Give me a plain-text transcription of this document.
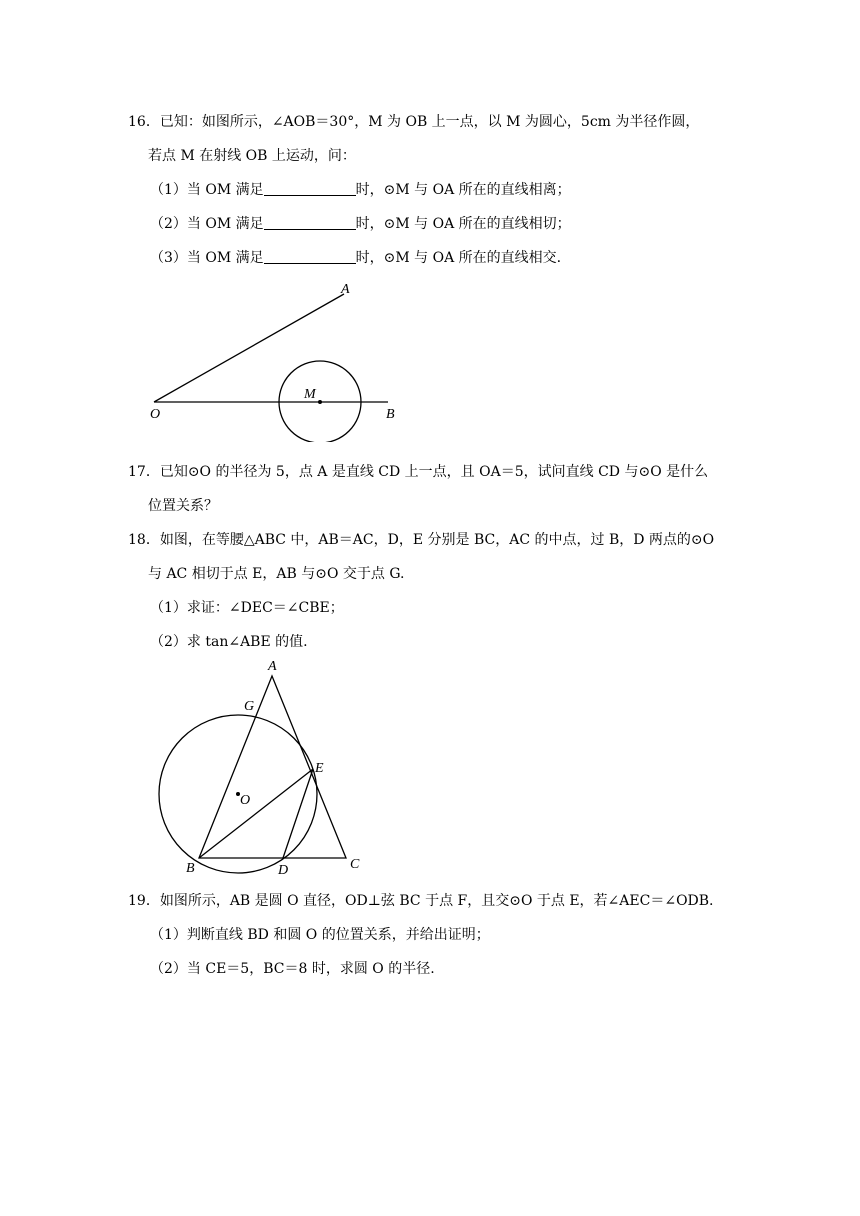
16．已知：如图所示，∠AOB＝30°，M 为 OB 上一点，以 M 为圆心，5cm 为半径作圆，
若点 M 在射线 OB 上运动，问：
（1）当 OM 满足	时，⊙M 与 OA 所在的直线相离；
（2）当 OM 满足	时，⊙M 与 OA 所在的直线相切；
（3）当 OM 满足	时，⊙M 与 OA 所在的直线相交.
A
O
M
B
17．已知⊙O 的半径为 5，点 A 是直线 CD 上一点，且 OA＝5，试问直线 CD 与⊙O 是什么
位置关系？
18．如图，在等腰△ABC 中，AB＝AC，D，E 分别是 BC，AC 的中点，过 B，D 两点的⊙O
与 AC 相切于点 E，AB 与⊙O 交于点 G.
（1）求证：∠DEC＝∠CBE；
（2）求 tan∠ABE 的值.
A
G
E
O
B	D	C
19．如图所示，AB 是圆 O 直径，OD⊥弦 BC 于点 F，且交⊙O 于点 E，若∠AEC＝∠ODB.
（1）判断直线 BD 和圆 O 的位置关系，并给出证明；
（2）当 CE＝5，BC＝8 时，求圆 O 的半径.
